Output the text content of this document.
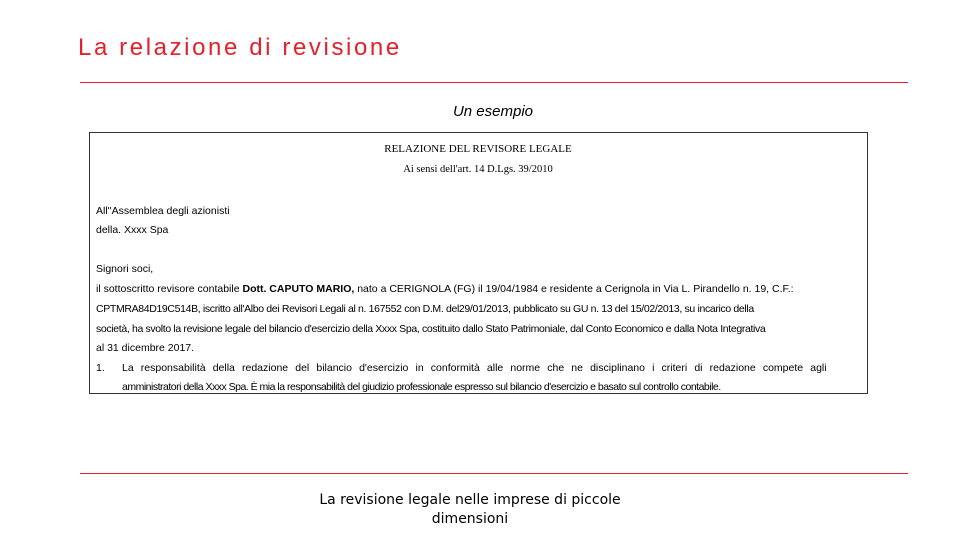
La relazione di revisione
Un esempio
RELAZIONE DEL REVISORE LEGALE
Ai sensi dell'art. 14 D.Lgs. 39/2010
All''Assemblea degli azionisti
della. Xxxx Spa
Signori soci,
il sottoscritto revisore contabile Dott. CAPUTO MARIO, nato a CERIGNOLA (FG) il 19/04/1984 e residente a Cerignola in Via L. Pirandello n. 19, C.F.:
CPTMRA84D19C514B, iscritto all'Albo dei Revisori Legali al n. 167552 con D.M. del29/01/2013, pubblicato su GU n. 13 del 15/02/2013, su incarico della
società, ha svolto la revisione legale del bilancio d'esercizio della Xxxx Spa, costituito dallo Stato Patrimoniale, dal Conto Economico e dalla Nota Integrativa
al 31 dicembre 2017.
1. La responsabilità della redazione del bilancio d'esercizio in conformità alle norme che ne disciplinano i criteri di redazione compete agli
amministratori della Xxxx Spa. È mia la responsabilità del giudizio professionale espresso sul bilancio d'esercizio e basato sul controllo contabile.
La revisione legale nelle imprese di piccole dimensioni
